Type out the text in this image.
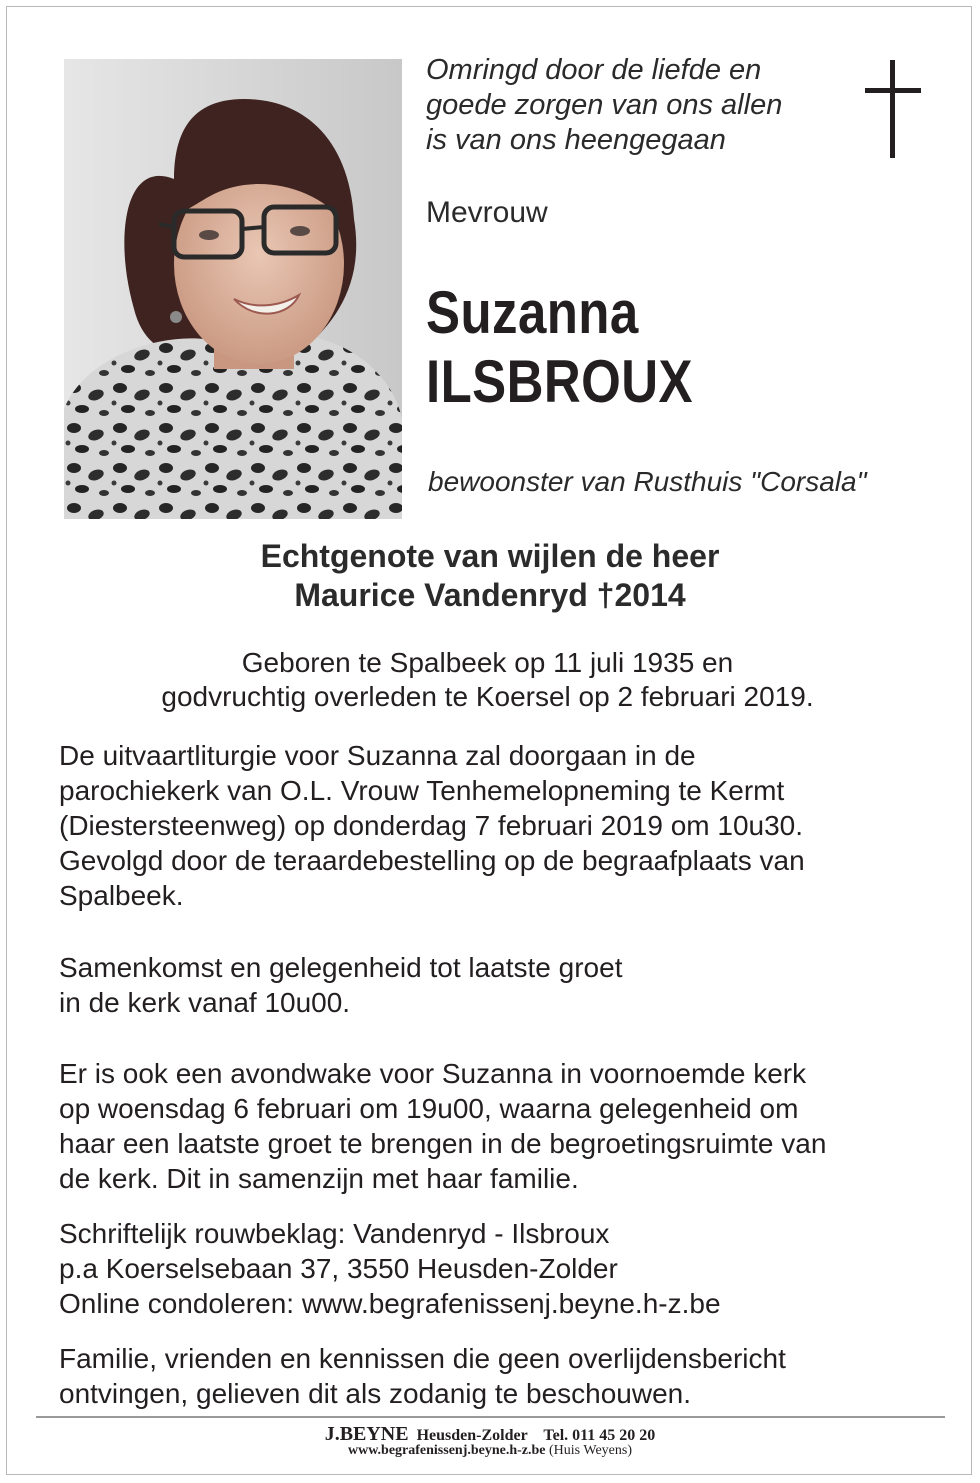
Omringd door de liefde en
goede zorgen van ons allen
is van ons heengegaan
Mevrouw
Suzanna
ILSBROUX
bewoonster van Rusthuis "Corsala"
Echtgenote van wijlen de heer
Maurice Vandenryd †2014
Geboren te Spalbeek op 11 juli 1935 en
godvruchtig overleden te Koersel op 2 februari 2019.
De uitvaartliturgie voor Suzanna zal doorgaan in de
parochiekerk van O.L. Vrouw Tenhemelopneming te Kermt
(Diestersteenweg) op donderdag 7 februari 2019 om 10u30.
Gevolgd door de teraardebestelling op de begraafplaats van
Spalbeek.
Samenkomst en gelegenheid tot laatste groet
in de kerk vanaf 10u00.
Er is ook een avondwake voor Suzanna in voornoemde kerk
op woensdag 6 februari om 19u00, waarna gelegenheid om
haar een laatste groet te brengen in de begroetingsruimte van
de kerk. Dit in samenzijn met haar familie.
Schriftelijk rouwbeklag: Vandenryd - Ilsbroux
p.a Koerselsebaan 37, 3550 Heusden-Zolder
Online condoleren: www.begrafenissenj.beyne.h-z.be
Familie, vrienden en kennissen die geen overlijdensbericht
ontvingen, gelieven dit als zodanig te beschouwen.
J.BEYNE Heusden-Zolder Tel. 011 45 20 20
www.begrafenissenj.beyne.h-z.be (Huis Weyens)
